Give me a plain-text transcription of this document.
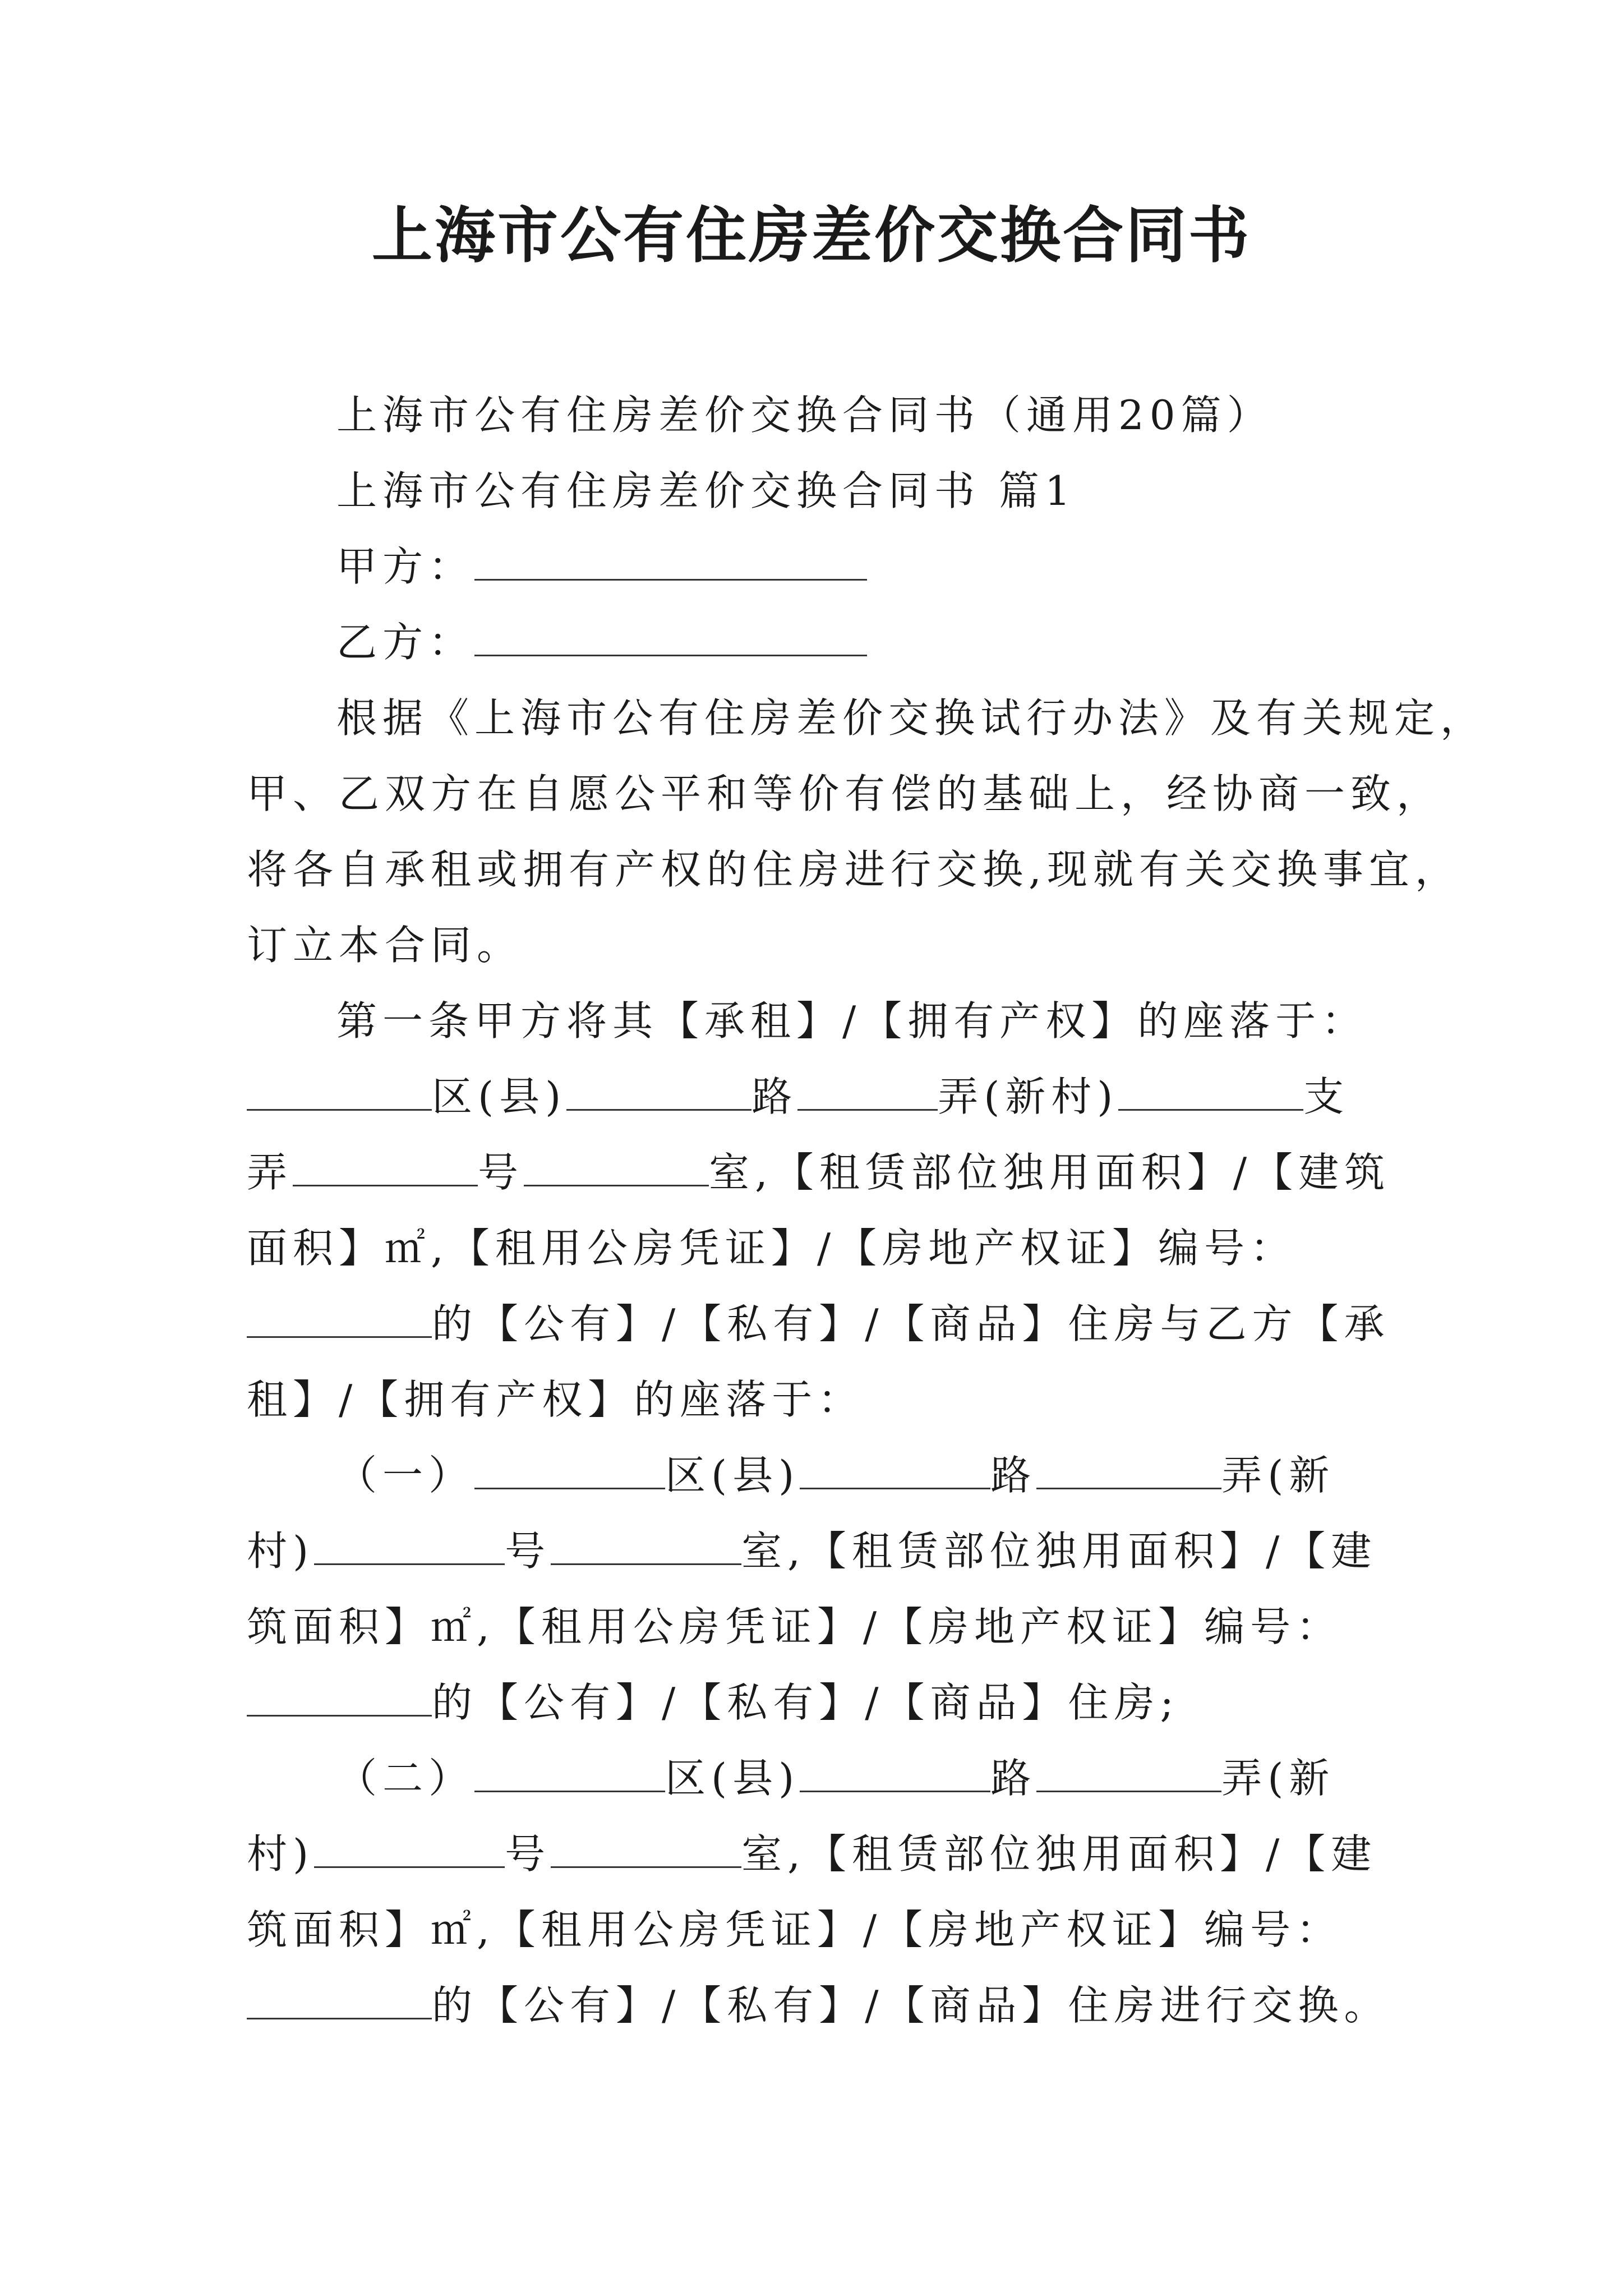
上海市公有住房差价交换合同书
上海市公有住房差价交换合同书（通用20篇）
上海市公有住房差价交换合同书 篇1
甲方：
乙方：
根据《上海市公有住房差价交换试行办法》及有关规定，
甲、乙双方在自愿公平和等价有偿的基础上，经协商一致，
将各自承租或拥有产权的住房进行交换,现就有关交换事宜，
订立本合同。
第一条甲方将其【承租】/【拥有产权】的座落于：
区(县)	路	弄(新村)	支
弄	号	室,【租赁部位独用面积】/【建筑
面积】㎡,【租用公房凭证】/【房地产权证】编号：
的【公有】/【私有】/【商品】住房与乙方【承
租】/【拥有产权】的座落于：
（一）	区(县)	路	弄(新
村)	号	室,【租赁部位独用面积】/【建
筑面积】㎡,【租用公房凭证】/【房地产权证】编号：
的【公有】/【私有】/【商品】住房;
（二）	区(县)	路	弄(新
村)	号	室,【租赁部位独用面积】/【建
筑面积】㎡,【租用公房凭证】/【房地产权证】编号：
的【公有】/【私有】/【商品】住房进行交换。
